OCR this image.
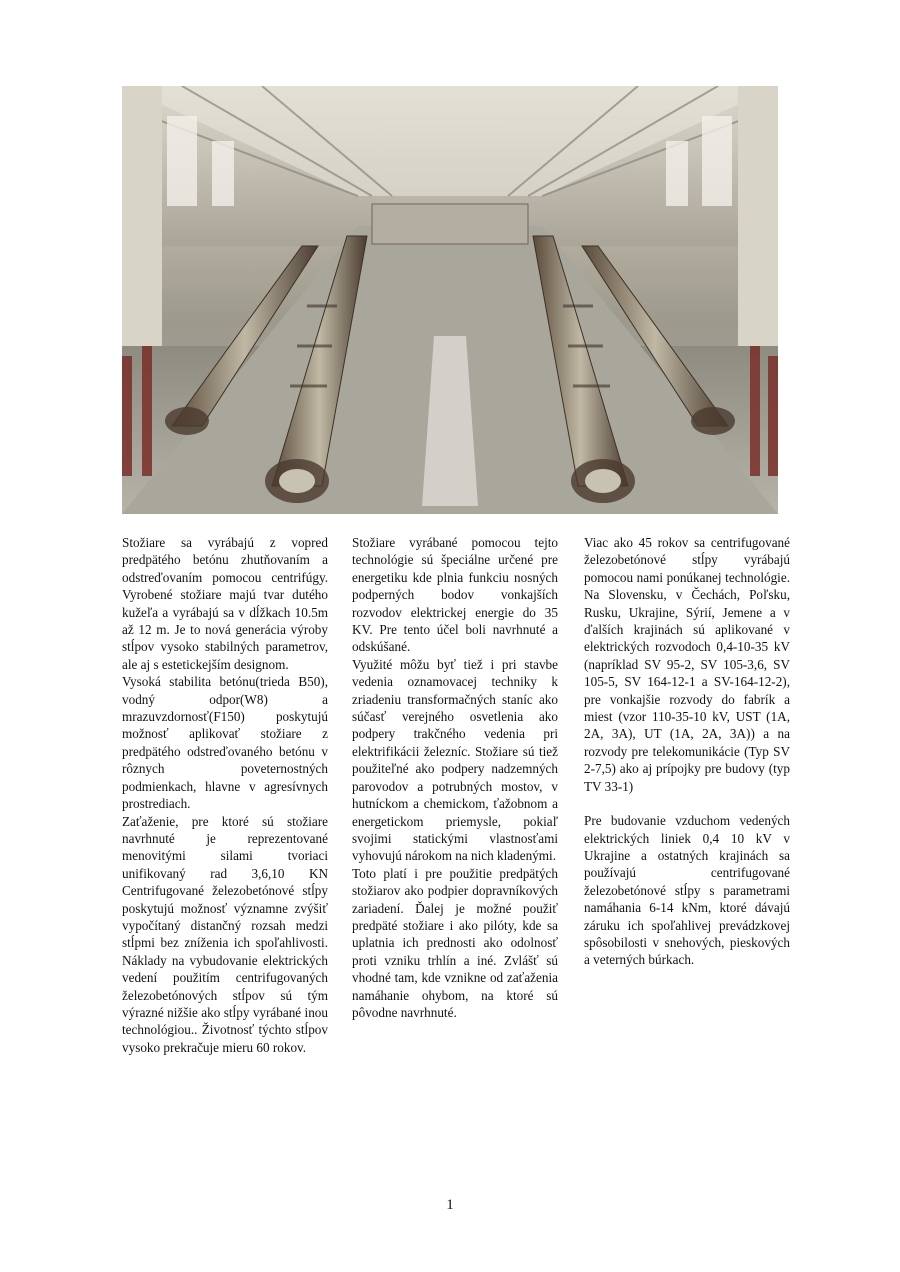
Stožiare sa vyrábajú z vopred predpätého betónu zhutňovaním a odstreďovaním pomocou centrifúgy. Vyrobené stožiare majú tvar dutého kužeľa a vyrábajú sa v dĺžkach 10.5m až 12 m. Je to nová generácia výroby stĺpov vysoko stabilných parametrov, ale aj s estetickejším designom.

Vysoká stabilita betónu(trieda B50), vodný odpor(W8) a mrazuvzdornosť(F150) poskytujú možnosť aplikovať stožiare z predpätého odstreďovaného betónu v rôznych poveternostných podmienkach, hlavne v agresívnych prostrediach.

Zaťaženie, pre ktoré sú stožiare navrhnuté je reprezentované menovitými silami tvoriaci unifikovaný rad 3,6,10 KN Centrifugované železobetónové stĺpy poskytujú možnosť významne zvýšiť vypočítaný distančný rozsah medzi stĺpmi bez zníženia ich spoľahlivosti. Náklady na vybudovanie elektrických vedení použitím centrifugovaných železobetónových stĺpov sú tým výrazné nižšie ako stĺpy vyrábané inou technológiou.. Životnosť týchto stĺpov vysoko prekračuje mieru 60 rokov.

Stožiare vyrábané pomocou tejto technológie sú špeciálne určené pre energetiku kde plnia funkciu nosných podperných bodov vonkajších rozvodov elektrickej energie do 35 KV. Pre tento účel boli navrhnuté a odskúšané.

Využité môžu byť tiež i pri stavbe vedenia oznamovacej techniky k zriadeniu transformačných staníc ako súčasť verejného osvetlenia ako podpery trakčného vedenia pri elektrifikácii železníc. Stožiare sú tiež použiteľné ako podpery nadzemných parovodov a potrubných mostov, v hutníckom a chemickom, ťažobnom a energetickom priemysle, pokiaľ svojimi statickými vlastnosťami vyhovujú nárokom na nich kladenými.

Toto platí i pre použitie predpätých stožiarov ako podpier dopravníkových zariadení. Ďalej je možné použiť predpäté stožiare i ako pilóty, kde sa uplatnia ich prednosti ako odolnosť proti vzniku trhlín a iné. Zvlášť sú vhodné tam, kde vznikne od zaťaženia namáhanie ohybom, na ktoré sú pôvodne navrhnuté.

Viac ako 45 rokov sa centrifugované železobetónové stĺpy vyrábajú pomocou nami ponúkanej technológie. Na Slovensku, v Čechách, Poľsku, Rusku, Ukrajine, Sýrií, Jemene a v ďalších krajinách sú aplikované v elektrických rozvodoch 0,4-10-35 kV (napríklad SV 95-2, SV 105-3,6, SV 105-5, SV 164-12-1 a SV-164-12-2), pre vonkajšie rozvody do fabrík a miest (vzor 110-35-10 kV, UST (1A, 2A, 3A), UT (1A, 2A, 3A)) a na rozvody pre telekomunikácie (Typ SV 2-7,5) ako aj prípojky pre budovy (typ TV 33-1)

Pre budovanie vzduchom vedených elektrických liniek 0,4 10 kV v Ukrajine a ostatných krajinách sa používajú centrifugované železobetónové stĺpy s parametrami namáhania 6-14 kNm, ktoré dávajú záruku ich spoľahlivej prevádzkovej spôsobilosti v snehových, pieskových a veterných búrkach.

1
